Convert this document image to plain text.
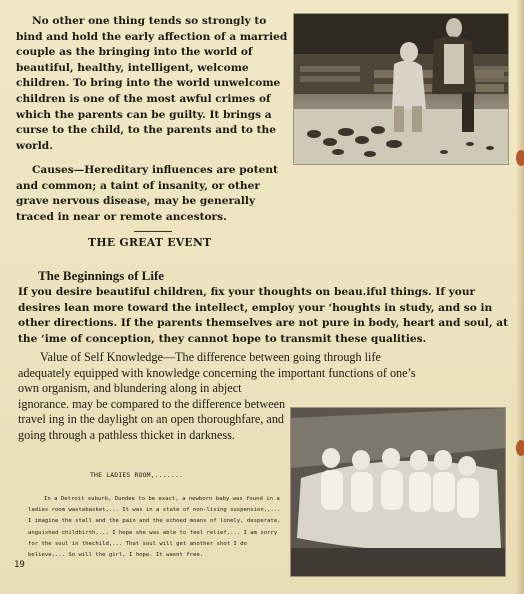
No other one thing tends so strongly to bind and hold the early affection of a married couple as the bringing into the world of beautiful, healthy, intelligent, welcome children. To bring into the world unwelcome children is one of the most awful crimes of which the parents can be guilty. It brings a curse to the child, to the parents and to the world.

Causes—Hereditary influences are potent and common; a taint of insanity, or other grave nervous disease, may be generally traced in near or remote ancestors.

THE GREAT EVENT

The Beginnings of Life

If you desire beautiful children, fix your thoughts on beau.iful things. If your desires lean more toward the intellect, employ your ‘houghts in study, and so in other directions. If the parents themselves are not pure in body, heart and soul, at the ‘ime of conception, they cannot hope to transmit these qualities.

Value of Self Knowledge—The difference between going through life
adequately equipped with knowledge concerning the important functions of one’s

own organism, and blundering along in abject ignorance. may be compared to the difference between travel ing in the daylight on an open thoroughfare, and going through a pathless thicket in darkness.

THE LADIES ROOM,.......

In a Detroit suburb, Dundee to be exact, a newborn baby was found in a ladies room wastebasket,... It was in a state of non-living suspension,,... I imagine the stall and the pain and the echoed moans of lonely, desperate, anguished childbirth,... I hope she was able to feel relief,... I am sorry for the soul in thechild,... That soul will get another shot I do believe,... So will the girl, I hope. It wasnt free.

19
